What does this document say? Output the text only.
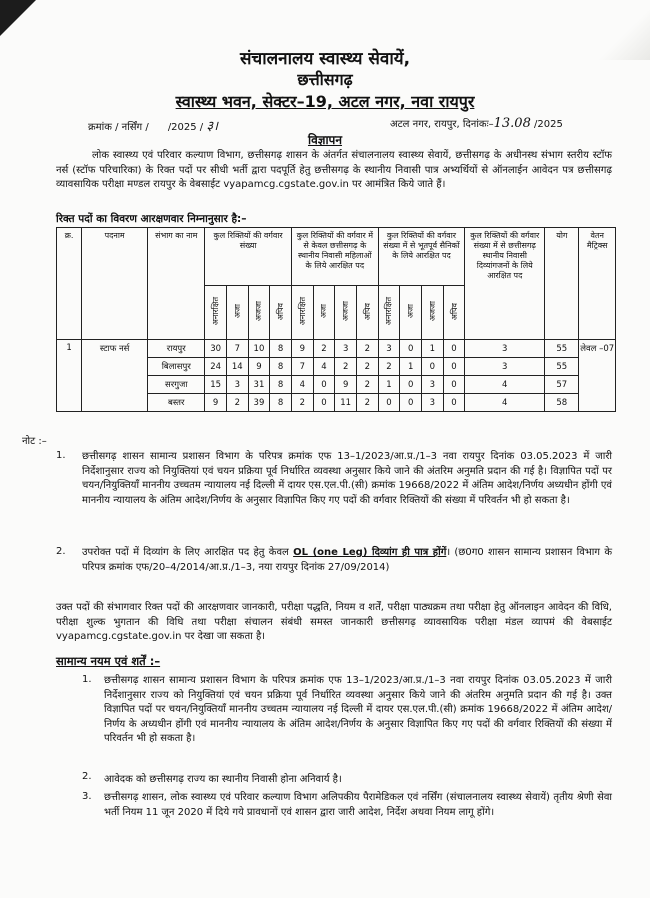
संचालनालय स्वास्थ्य सेवायें,
छत्तीसगढ़
स्वास्थ्य भवन, सेक्टर–19, अटल नगर, नवा रायपुर
क्रमांक / नर्सिंग / /2025 / ३।	अटल नगर, रायपुर, दिनांकः–13.08 /2025
विज्ञापन
लोक स्वास्थ्य एवं परिवार कल्याण विभाग, छत्तीसगढ़ शासन के अंतर्गत संचालनालय स्वास्थ्य सेवायें, छत्तीसगढ़ के अधीनस्थ संभाग स्तरीय स्टॉफ नर्स (स्टॉफ परिचारिका) के रिक्त पदों पर सीधी भर्ती द्वारा पदपूर्ति हेतु छत्तीसगढ़ के स्थानीय निवासी पात्र अभ्यर्थियों से ऑनलाईन आवेदन पत्र छत्तीसगढ़ व्यावसायिक परीक्षा मण्डल रायपुर के वेबसाईट vyapamcg.cgstate.gov.in पर आमंत्रित किये जाते हैं।
रिक्त पदों का विवरण आरक्षणवार निम्नानुसार है:–
क्र.	पदनाम	संभाग का नाम	कुल रिक्तियों की वर्गवार संख्या				कुल रिक्तियों की वर्गवार में से केवल छत्तीसगढ़ के स्थानीय निवासी महिलाओं के लिये आरक्षित पद				कुल रिक्तियों की वर्गवार संख्या में से भूतपूर्व सैनिकों के लिये आरक्षित पद				कुल रिक्तियों की वर्गवार संख्या में से छत्तीसगढ़ स्थानीय निवासी दिव्यांगजनों के लिये आरक्षित पद	योग	वेतन मैट्रिक्स
			अनारक्षित	अजा	अजजा	अपिव	अनारक्षित	अजा	अजजा	अपिव	अनारक्षित	अजा	अजजा	अपिव			
1	स्टाफ नर्स	रायपुर	30	7	10	8	9	2	3	2	3	0	1	0	3	55	लेवल –07
		बिलासपुर	24	14	9	8	7	4	2	2	2	1	0	0	3	55	
		सरगुजा	15	3	31	8	4	0	9	2	1	0	3	0	4	57	
		बस्तर	9	2	39	8	2	0	11	2	0	0	3	0	4	58	
नोट :–
1.	छत्तीसगढ़ शासन सामान्य प्रशासन विभाग के परिपत्र क्रमांक एफ 13–1/2023/आ.प्र./1–3 नवा रायपुर दिनांक 03.05.2023 में जारी निर्देशानुसार राज्य को नियुक्तियां एवं चयन प्रक्रिया पूर्व निर्धारित व्यवस्था अनुसार किये जाने की अंतरिम अनुमति प्रदान की गई है। विज्ञापित पदों पर चयन/नियुक्तियाँ माननीय उच्चतम न्यायालय नई दिल्ली में दायर एस.एल.पी.(सी) क्रमांक 19668/2022 में अंतिम आदेश/निर्णय अध्यधीन होंगी एवं माननीय न्यायालय के अंतिम आदेश/निर्णय के अनुसार विज्ञापित किए गए पदों की वर्गवार रिक्तियों की संख्या में परिवर्तन भी हो सकता है।
2.	उपरोक्त पदों में दिव्यांग के लिए आरक्षित पद हेतु केवल OL (one Leg) दिव्यांग ही पात्र होंगें। (छ0ग0 शासन सामान्य प्रशासन विभाग के परिपत्र क्रमांक एफ/20–4/2014/आ.प्र./1–3, नया रायपुर दिनांक 27/09/2014)
उक्त पदों की संभागवार रिक्त पदों की आरक्षणवार जानकारी, परीक्षा पद्धति, नियम व शर्तें, परीक्षा पाठ्यक्रम तथा परीक्षा हेतु ऑनलाइन आवेदन की विधि, परीक्षा शुल्क भुगतान की विधि तथा परीक्षा संचालन संबंधी समस्त जानकारी छत्तीसगढ़ व्यावसायिक परीक्षा मंडल व्यापमं की वेबसाईट vyapamcg.cgstate.gov.in पर देखा जा सकता है।
सामान्य नयम एवं शर्तें :–
1. छत्तीसगढ़ शासन सामान्य प्रशासन विभाग के परिपत्र क्रमांक एफ 13–1/2023/आ.प्र./1–3 नवा रायपुर दिनांक 03.05.2023 में जारी निर्देशानुसार राज्य को नियुक्तियां एवं चयन प्रक्रिया पूर्व निर्धारित व्यवस्था अनुसार किये जाने की अंतरिम अनुमति प्रदान की गई है। उक्त विज्ञापित पदों पर चयन/नियुक्तियाँ माननीय उच्चतम न्यायालय नई दिल्ली में दायर एस.एल.पी.(सी) क्रमांक 19668/2022 में अंतिम आदेश/निर्णय के अध्यधीन होंगी एवं माननीय न्यायालय के अंतिम आदेश/निर्णय के अनुसार विज्ञापित किए गए पदों की वर्गवार रिक्तियों की संख्या में परिवर्तन भी हो सकता है।
2. आवेदक को छत्तीसगढ़ राज्य का स्थानीय निवासी होना अनिवार्य है।
3. छत्तीसगढ़ शासन, लोक स्वास्थ्य एवं परिवार कल्याण विभाग अलिपकीय पैरामेडिकल एवं नर्सिंग (संचालनालय स्वास्थ्य सेवायें) तृतीय श्रेणी सेवा भर्ती नियम 11 जून 2020 में दिये गये प्रावधानों एवं शासन द्वारा जारी आदेश, निर्देश अथवा नियम लागू होंगे।
